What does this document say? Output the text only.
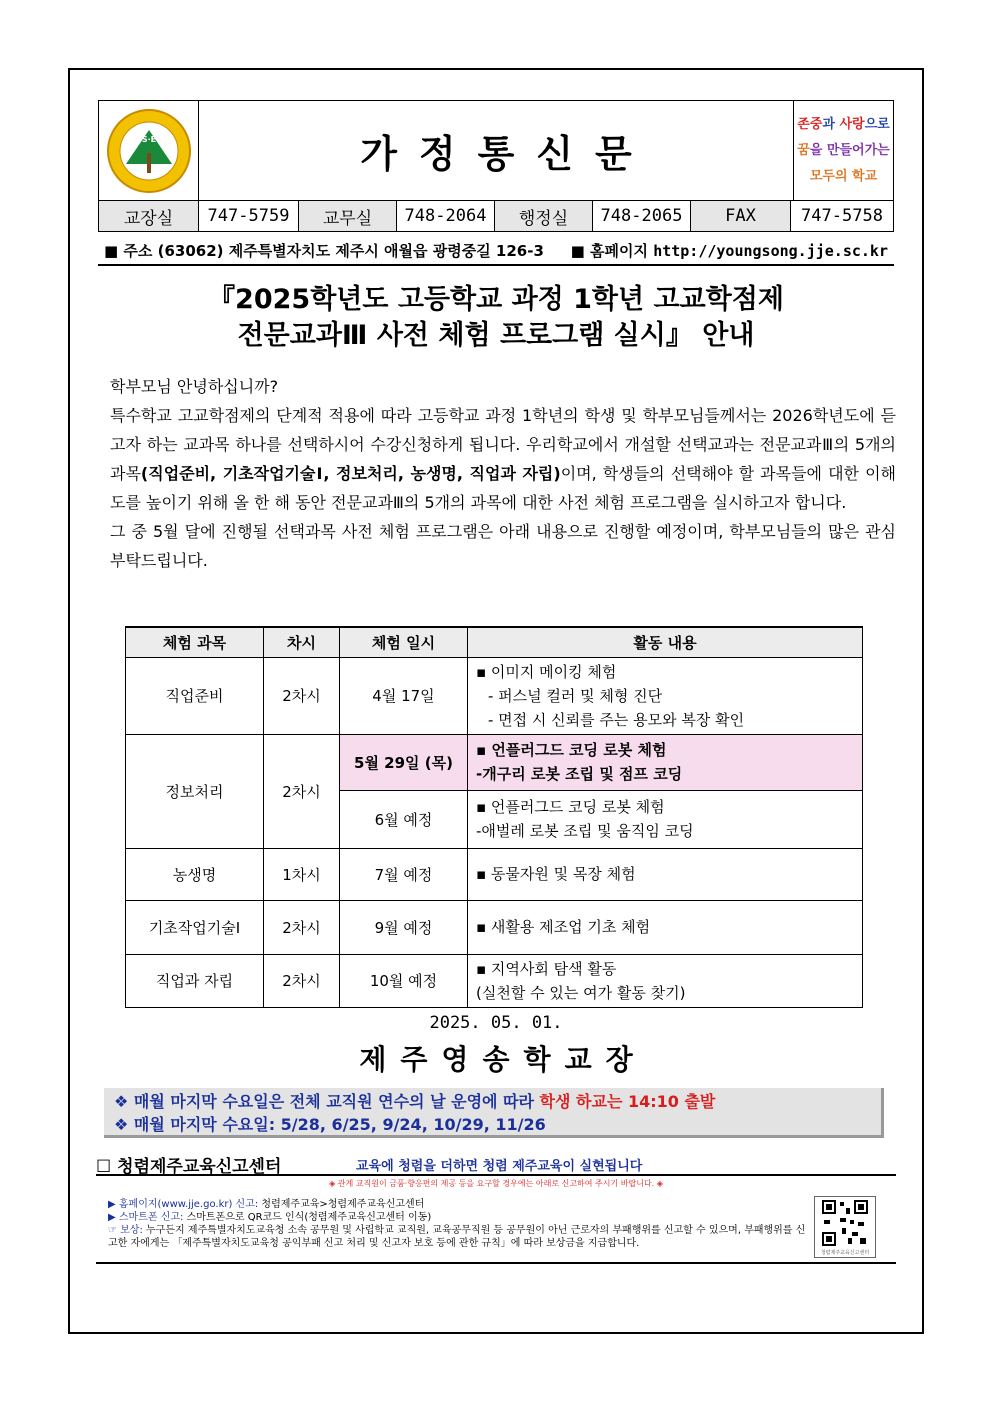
S·E	가정통신문
존중과 사랑으로
꿈을 만들어가는
모두의 학교
교장실	747-5759	교무실	748-2064	행정실	748-2065	FAX	747-5758
■ 주소 (63062) 제주특별자치도 제주시 애월읍 광령중길 126-3 ■ 홈페이지 http://youngsong.jje.sc.kr
『2025학년도 고등학교 과정 1학년 고교학점제
전문교과Ⅲ 사전 체험 프로그램 실시』 안내

학부모님 안녕하십니까?

특수학교 고교학점제의 단계적 적용에 따라 고등학교 과정 1학년의 학생 및 학부모님들께서는 2026학년도에 듣고자 하는 교과목 하나를 선택하시어 수강신청하게 됩니다. 우리학교에서 개설할 선택교과는 전문교과Ⅲ의 5개의 과목(직업준비, 기초작업기술Ⅰ, 정보처리, 농생명, 직업과 자립)이며, 학생들의 선택해야 할 과목들에 대한 이해도를 높이기 위해 올 한 해 동안 전문교과Ⅲ의 5개의 과목에 대한 사전 체험 프로그램을 실시하고자 합니다.

그 중 5월 달에 진행될 선택과목 사전 체험 프로그램은 아래 내용으로 진행할 예정이며, 학부모님들의 많은 관심 부탁드립니다.

체험 과목	차시	체험 일시	활동 내용
직업준비	2차시	4월 17일	▪ 이미지 메이킹 체험
- 퍼스널 컬러 및 체형 진단
- 면접 시 신뢰를 주는 용모와 복장 확인

정보처리	2차시	5월 29일 (목)	▪ 언플러그드 코딩 로봇 체험
-개구리 로봇 조립 및 점프 코딩

		6월 예정	▪ 언플러그드 코딩 로봇 체험
-애벌레 로봇 조립 및 움직임 코딩

농생명	1차시	7월 예정	▪ 동물자원 및 목장 체험
기초작업기술Ⅰ	2차시	9월 예정	▪ 새활용 제조업 기초 체험
직업과 자립	2차시	10월 예정	▪ 지역사회 탐색 활동
(실천할 수 있는 여가 활동 찾기)
2025. 05. 01.
제주영송학교장
❖ 매월 마지막 수요일은 전체 교직원 연수의 날 운영에 따라 학생 하교는 14:10 출발
❖ 매월 마지막 수요일: 5/28, 6/25, 9/24, 10/29, 11/26
☐ 청렴제주교육신고센터	교육에 청렴을 더하면 청렴 제주교육이 실현됩니다
◈ 관계 교직원이 금품·향응편의 제공 등을 요구할 경우에는 아래로 신고하여 주시기 바랍니다. ◈
▶ 홈페이지(www.jje.go.kr) 신고: 청렴제주교육>청렴제주교육신고센터
▶ 스마트폰 신고: 스마트폰으로 QR코드 인식(청렴제주교육신고센터 이동)
☞ 보상: 누구든지 제주특별자치도교육청 소속 공무원 및 사립학교 교직원, 교육공무직원 등 공무원이 아닌 근로자의 부패행위를 신고할 수 있으며, 부패행위를 신고한 자에게는 「제주특별자치도교육청 공익부패 신고 처리 및 신고자 보호 등에 관한 규칙」에 따라 보상금을 지급합니다.
청렴제주교육신고센터
